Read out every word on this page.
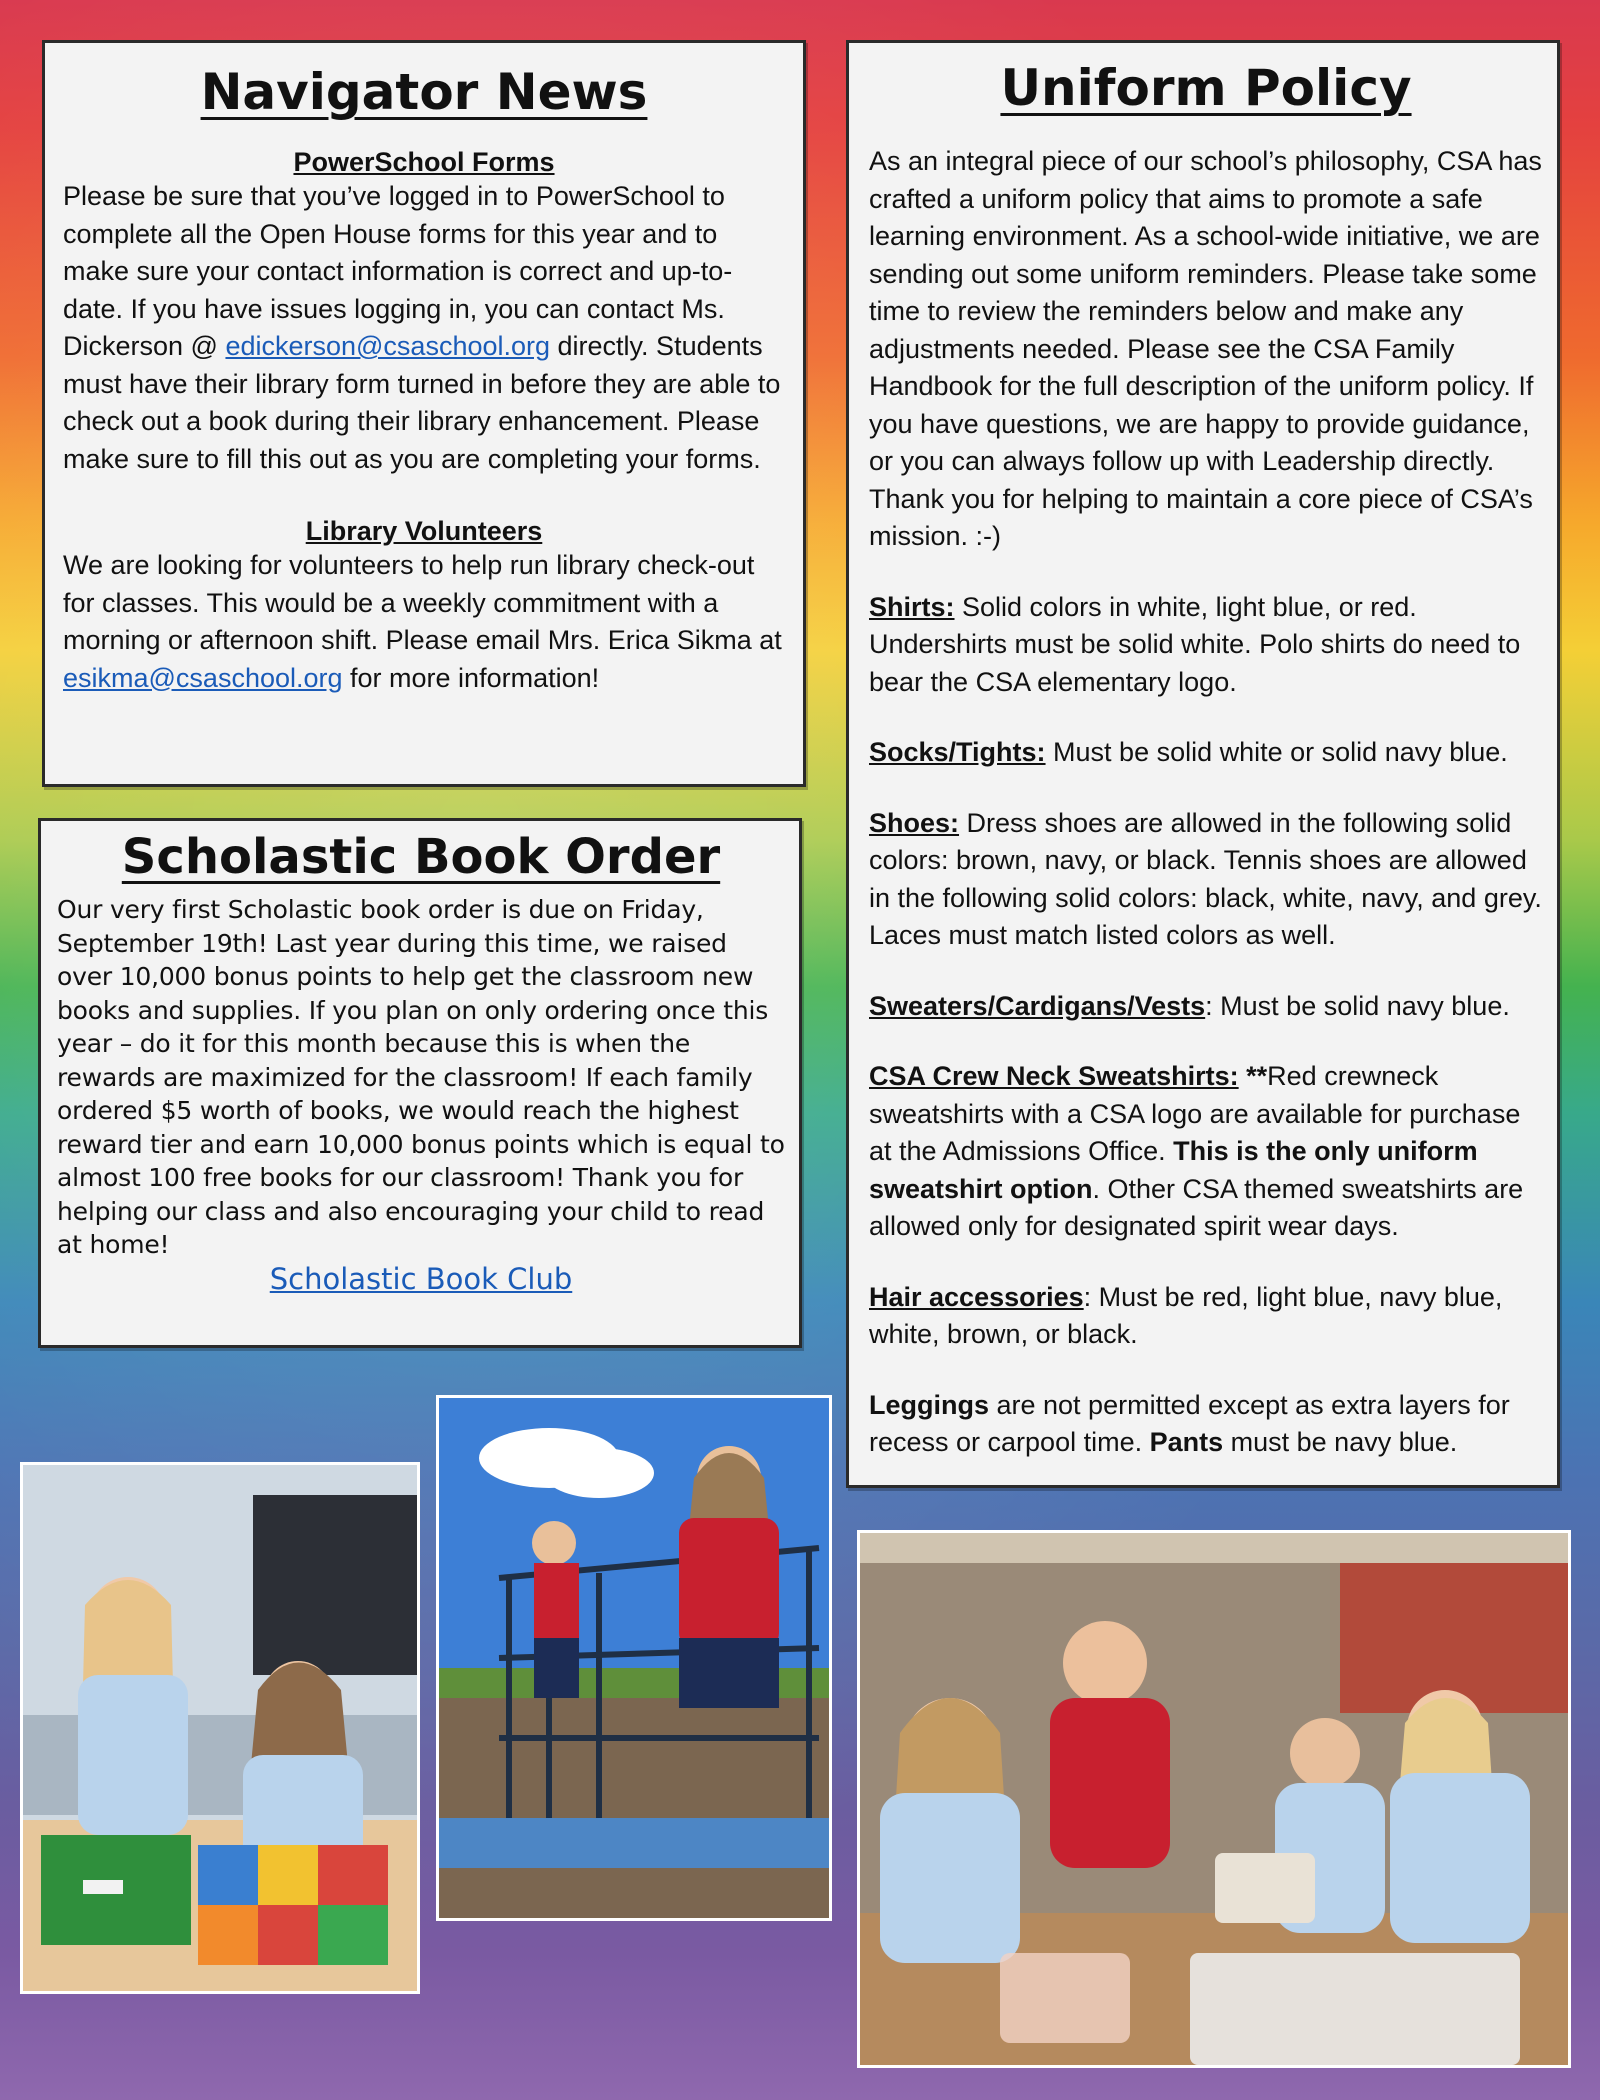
Navigator News

PowerSchool Forms

Please be sure that you’ve logged in to PowerSchool to complete all the Open House forms for this year and to make sure your contact information is correct and up-to-date. If you have issues logging in, you can contact Ms. Dickerson @ edickerson@csaschool.org directly. Students must have their library form turned in before they are able to check out a book during their library enhancement. Please make sure to fill this out as you are completing your forms.

Library Volunteers

We are looking for volunteers to help run library check-out for classes. This would be a weekly commitment with a morning or afternoon shift. Please email Mrs. Erica Sikma at esikma@csaschool.org for more information!

Scholastic Book Order

Our very first Scholastic book order is due on Friday, September 19th! Last year during this time, we raised over 10,000 bonus points to help get the classroom new books and supplies. If you plan on only ordering once this year – do it for this month because this is when the rewards are maximized for the classroom! If each family ordered $5 worth of books, we would reach the highest reward tier and earn 10,000 bonus points which is equal to almost 100 free books for our classroom! Thank you for helping our class and also encouraging your child to read at home!

Scholastic Book Club

Uniform Policy

As an integral piece of our school’s philosophy, CSA has crafted a uniform policy that aims to promote a safe learning environment. As a school-wide initiative, we are sending out some uniform reminders. Please take some time to review the reminders below and make any adjustments needed. Please see the CSA Family Handbook for the full description of the uniform policy. If you have questions, we are happy to provide guidance, or you can always follow up with Leadership directly. Thank you for helping to maintain a core piece of CSA’s mission. :-)

Shirts: Solid colors in white, light blue, or red. Undershirts must be solid white. Polo shirts do need to bear the CSA elementary logo.

Socks/Tights: Must be solid white or solid navy blue.

Shoes: Dress shoes are allowed in the following solid colors: brown, navy, or black. Tennis shoes are allowed in the following solid colors: black, white, navy, and grey. Laces must match listed colors as well.

Sweaters/Cardigans/Vests: Must be solid navy blue.

CSA Crew Neck Sweatshirts: **Red crewneck sweatshirts with a CSA logo are available for purchase at the Admissions Office. This is the only uniform sweatshirt option. Other CSA themed sweatshirts are allowed only for designated spirit wear days.

Hair accessories: Must be red, light blue, navy blue, white, brown, or black.

Leggings are not permitted except as extra layers for recess or carpool time. Pants must be navy blue.
